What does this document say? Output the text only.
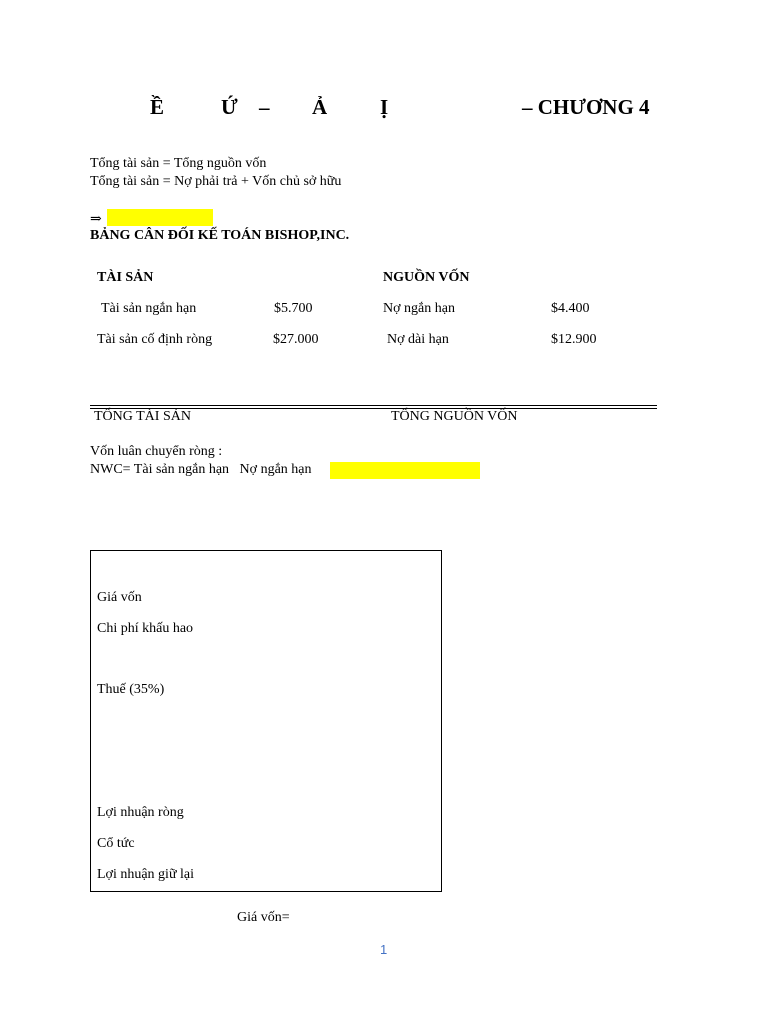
Ề	Ứ – Ả	Ị	– CHƯƠNG 4
Tổng tài sản = Tổng nguồn vốn
Tổng tài sản = Nợ phải trả + Vốn chủ sở hữu
⇒
BẢNG CÂN ĐỐI KẾ TOÁN BISHOP,INC.
TÀI SẢN	NGUỒN VỐN
Tài sản ngắn hạn	$5.700	Nợ ngắn hạn	$4.400
Tài sản cố định ròng	$27.000	Nợ dài hạn	$12.900
TỔNG TÀI SẢN	TỔNG NGUỒN VỐN
Vốn luân chuyển ròng :
NWC= Tài sản ngắn hạn   Nợ ngắn hạn
Giá vốn
Chi phí khấu hao
Thuế (35%)
Lợi nhuận ròng
Cổ tức
Lợi nhuận giữ lại
Giá vốn=
1
